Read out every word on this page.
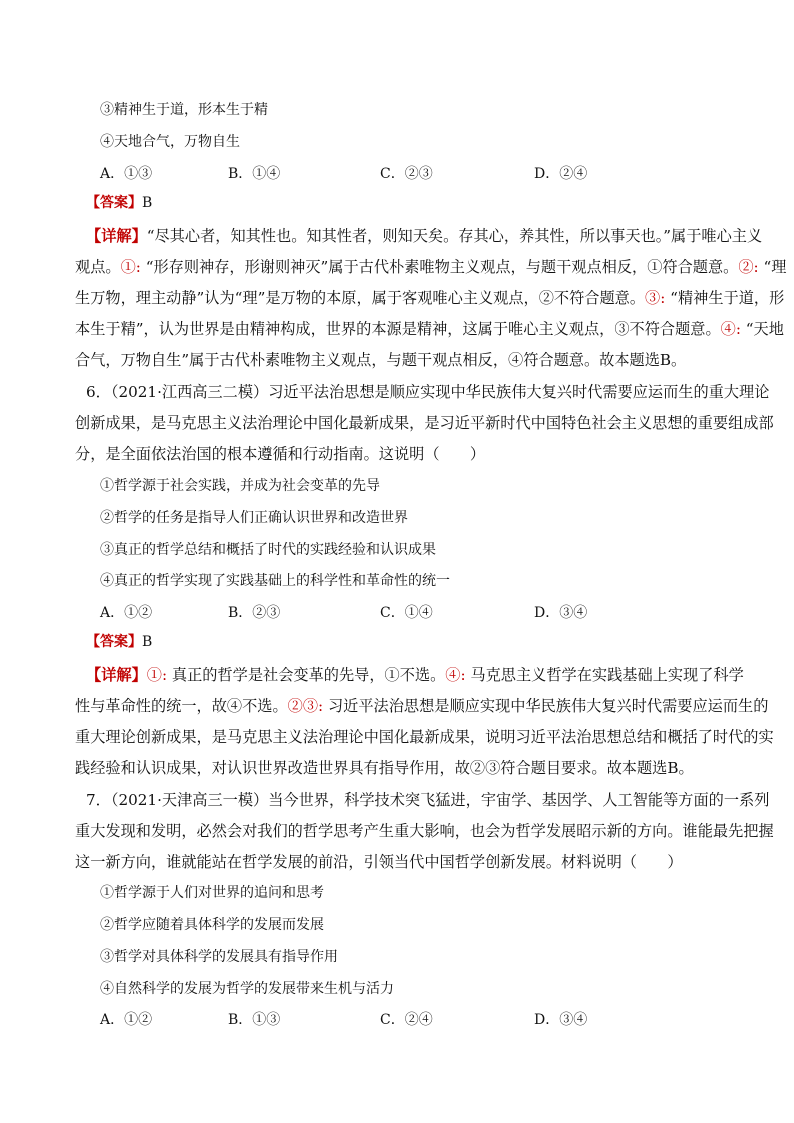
③精神生于道，形本生于精
④天地合气，万物自生
A．①③	B．①④	C．②③	D．②④
【答案】B
【详解】“尽其心者，知其性也。知其性者，则知天矣。存其心，养其性，所以事天也。”属于唯心主义
观点。①: “形存则神存，形谢则神灭”属于古代朴素唯物主义观点，与题干观点相反，①符合题意。②: “理
生万物，理主动静”认为“理”是万物的本原，属于客观唯心主义观点，②不符合题意。③: “精神生于道，形
本生于精”，认为世界是由精神构成，世界的本源是精神，这属于唯心主义观点，③不符合题意。④: “天地
合气，万物自生”属于古代朴素唯物主义观点，与题干观点相反，④符合题意。故本题选B。
6．（2021·江西高三二模）习近平法治思想是顺应实现中华民族伟大复兴时代需要应运而生的重大理论
创新成果，是马克思主义法治理论中国化最新成果，是习近平新时代中国特色社会主义思想的重要组成部
分，是全面依法治国的根本遵循和行动指南。这说明（　　）
①哲学源于社会实践，并成为社会变革的先导
②哲学的任务是指导人们正确认识世界和改造世界
③真正的哲学总结和概括了时代的实践经验和认识成果
④真正的哲学实现了实践基础上的科学性和革命性的统一
A．①②	B．②③	C．①④	D．③④
【答案】B
【详解】①: 真正的哲学是社会变革的先导，①不选。④: 马克思主义哲学在实践基础上实现了科学
性与革命性的统一，故④不选。②③: 习近平法治思想是顺应实现中华民族伟大复兴时代需要应运而生的
重大理论创新成果，是马克思主义法治理论中国化最新成果，说明习近平法治思想总结和概括了时代的实
践经验和认识成果，对认识世界改造世界具有指导作用，故②③符合题目要求。故本题选B。
7．（2021·天津高三一模）当今世界，科学技术突飞猛进，宇宙学、基因学、人工智能等方面的一系列
重大发现和发明，必然会对我们的哲学思考产生重大影响，也会为哲学发展昭示新的方向。谁能最先把握
这一新方向，谁就能站在哲学发展的前沿，引领当代中国哲学创新发展。材料说明（　　）
①哲学源于人们对世界的追问和思考
②哲学应随着具体科学的发展而发展
③哲学对具体科学的发展具有指导作用
④自然科学的发展为哲学的发展带来生机与活力
A．①②	B．①③	C．②④	D．③④
